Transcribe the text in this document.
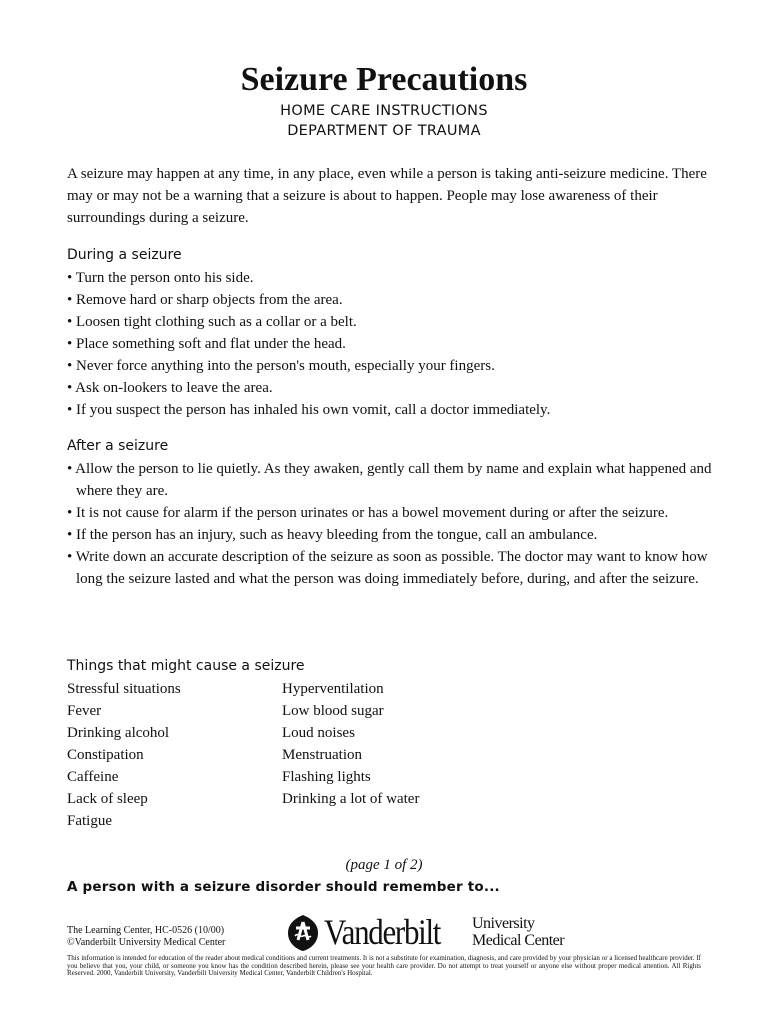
Seizure Precautions
HOME CARE INSTRUCTIONS
DEPARTMENT OF TRAUMA

A seizure may happen at any time, in any place, even while a person is taking anti-seizure medicine. There may or may not be a warning that a seizure is about to happen. People may lose awareness of their surroundings during a seizure.

During a seizure
• Turn the person onto his side.
• Remove hard or sharp objects from the area.
• Loosen tight clothing such as a collar or a belt.
• Place something soft and flat under the head.
• Never force anything into the person's mouth, especially your fingers.
• Ask on-lookers to leave the area.
• If you suspect the person has inhaled his own vomit, call a doctor immediately.
After a seizure
• Allow the person to lie quietly. As they awaken, gently call them by name and explain what happened and where they are.
• It is not cause for alarm if the person urinates or has a bowel movement during or after the seizure.
• If the person has an injury, such as heavy bleeding from the tongue, call an ambulance.
• Write down an accurate description of the seizure as soon as possible. The doctor may want to know how long the seizure lasted and what the person was doing immediately before, during, and after the seizure.
Things that might cause a seizure
Stressful situations
Fever
Drinking alcohol
Constipation
Caffeine
Lack of sleep
Fatigue
Hyperventilation
Low blood sugar
Loud noises
Menstruation
Flashing lights
Drinking a lot of water
(page 1 of 2)
A person with a seizure disorder should remember to...
The Learning Center, HC-0526 (10/00)
©Vanderbilt University Medical Center	Vanderbilt University
Medical Center
This information is intended for education of the reader about medical conditions and current treatments. It is not a substitute for examination, diagnosis, and care provided by your physician or a licensed healthcare provider. If you believe that you, your child, or someone you know has the condition described herein, please see your health care provider. Do not attempt to treat yourself or anyone else without proper medical attention. All Rights Reserved. 2000, Vanderbilt University, Vanderbilt University Medical Center, Vanderbilt Children's Hospital.
